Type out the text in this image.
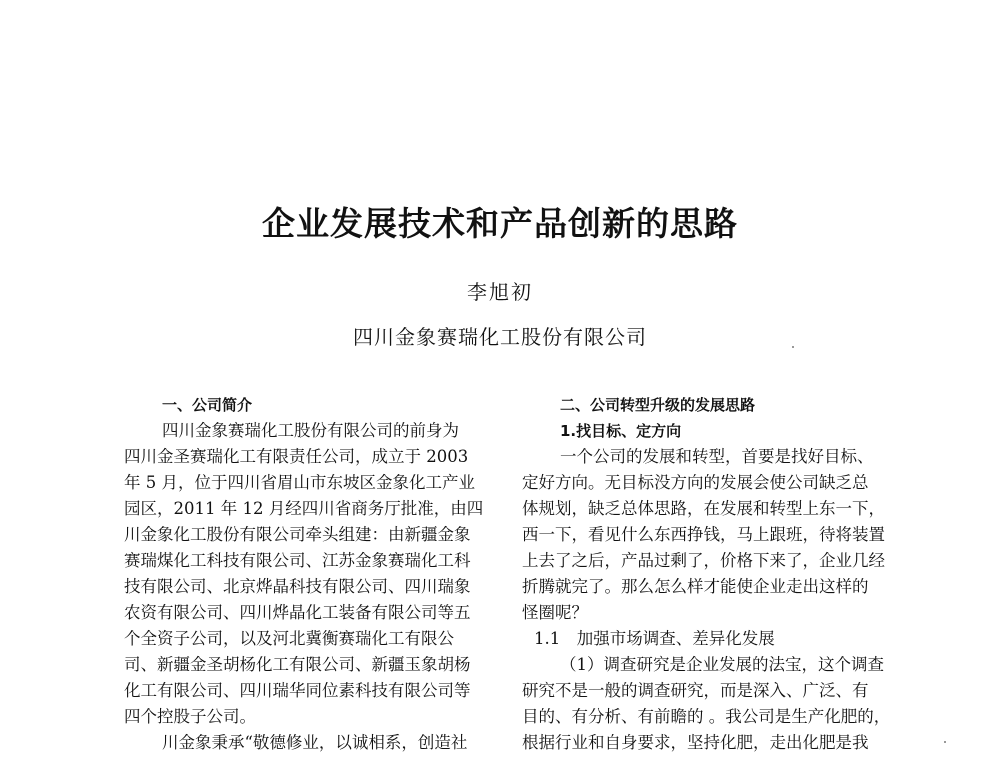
企业发展技术和产品创新的思路
李旭初
四川金象赛瑞化工股份有限公司
一、公司简介
四川金象赛瑞化工股份有限公司的前身为
四川金圣赛瑞化工有限责任公司，成立于 2003
年 5 月，位于四川省眉山市东坡区金象化工产业
园区，2011 年 12 月经四川省商务厅批准，由四
川金象化工股份有限公司牵头组建：由新疆金象
赛瑞煤化工科技有限公司、江苏金象赛瑞化工科
技有限公司、北京烨晶科技有限公司、四川瑞象
农资有限公司、四川烨晶化工装备有限公司等五
个全资子公司，以及河北冀衡赛瑞化工有限公
司、新疆金圣胡杨化工有限公司、新疆玉象胡杨
化工有限公司、四川瑞华同位素科技有限公司等
四个控股子公司。
川金象秉承“敬德修业，以诚相系，创造社
二、公司转型升级的发展思路
1.找目标、定方向
一个公司的发展和转型，首要是找好目标、
定好方向。无目标没方向的发展会使公司缺乏总
体规划，缺乏总体思路，在发展和转型上东一下，
西一下，看见什么东西挣钱，马上跟班，待将装置
上去了之后，产品过剩了，价格下来了，企业几经
折腾就完了。那么怎么样才能使企业走出这样的
怪圈呢？
1.1　加强市场调查、差异化发展
（1）调查研究是企业发展的法宝，这个调查
研究不是一般的调查研究，而是深入、广泛、有
目的、有分析、有前瞻的 。我公司是生产化肥的，
根据行业和自身要求，坚持化肥，走出化肥是我
